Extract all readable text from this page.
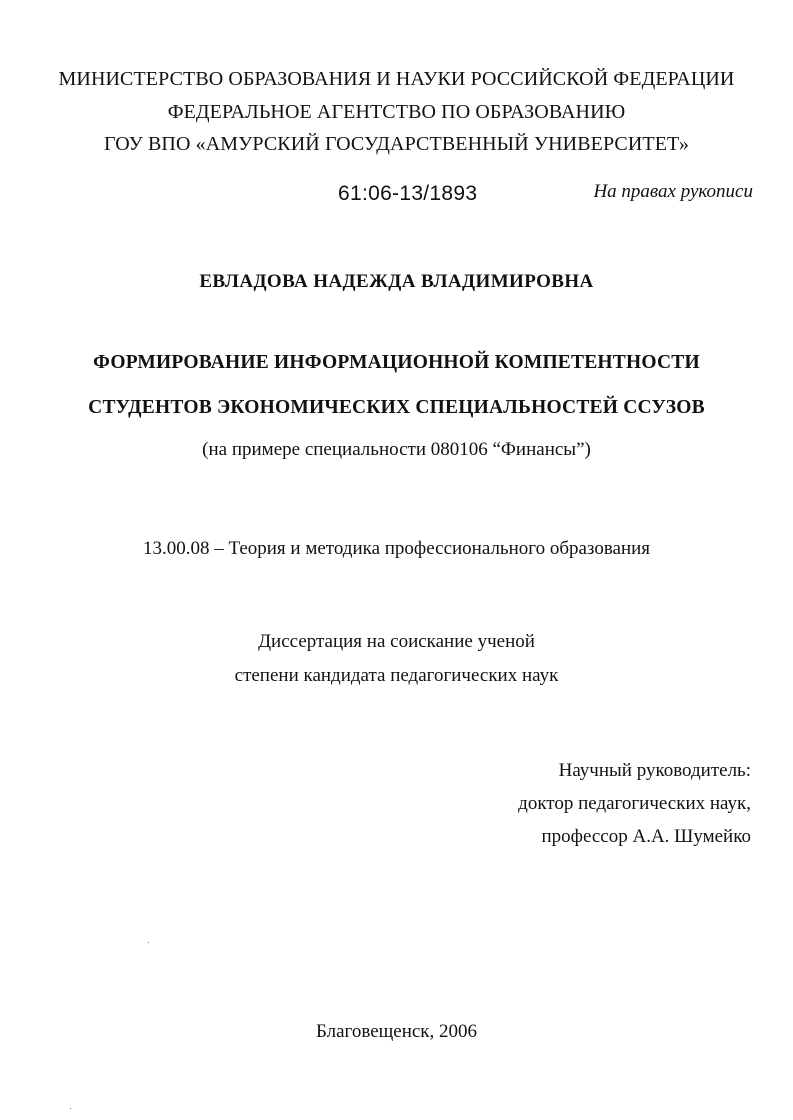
МИНИСТЕРСТВО ОБРАЗОВАНИЯ И НАУКИ РОССИЙСКОЙ ФЕДЕРАЦИИ
ФЕДЕРАЛЬНОЕ АГЕНТСТВО ПО ОБРАЗОВАНИЮ
ГОУ ВПО «АМУРСКИЙ ГОСУДАРСТВЕННЫЙ УНИВЕРСИТЕТ»
61:06-13/1893	На правах рукописи
ЕВЛАДОВА НАДЕЖДА ВЛАДИМИРОВНА
ФОРМИРОВАНИЕ ИНФОРМАЦИОННОЙ КОМПЕТЕНТНОСТИ
СТУДЕНТОВ ЭКОНОМИЧЕСКИХ СПЕЦИАЛЬНОСТЕЙ ССУЗОВ
(на примере специальности 080106 “Финансы”)
13.00.08 – Теория и методика профессионального образования
Диссертация на соискание ученой
степени кандидата педагогических наук
Научный руководитель:
доктор педагогических наук,
профессор А.А. Шумейко
Благовещенск, 2006
